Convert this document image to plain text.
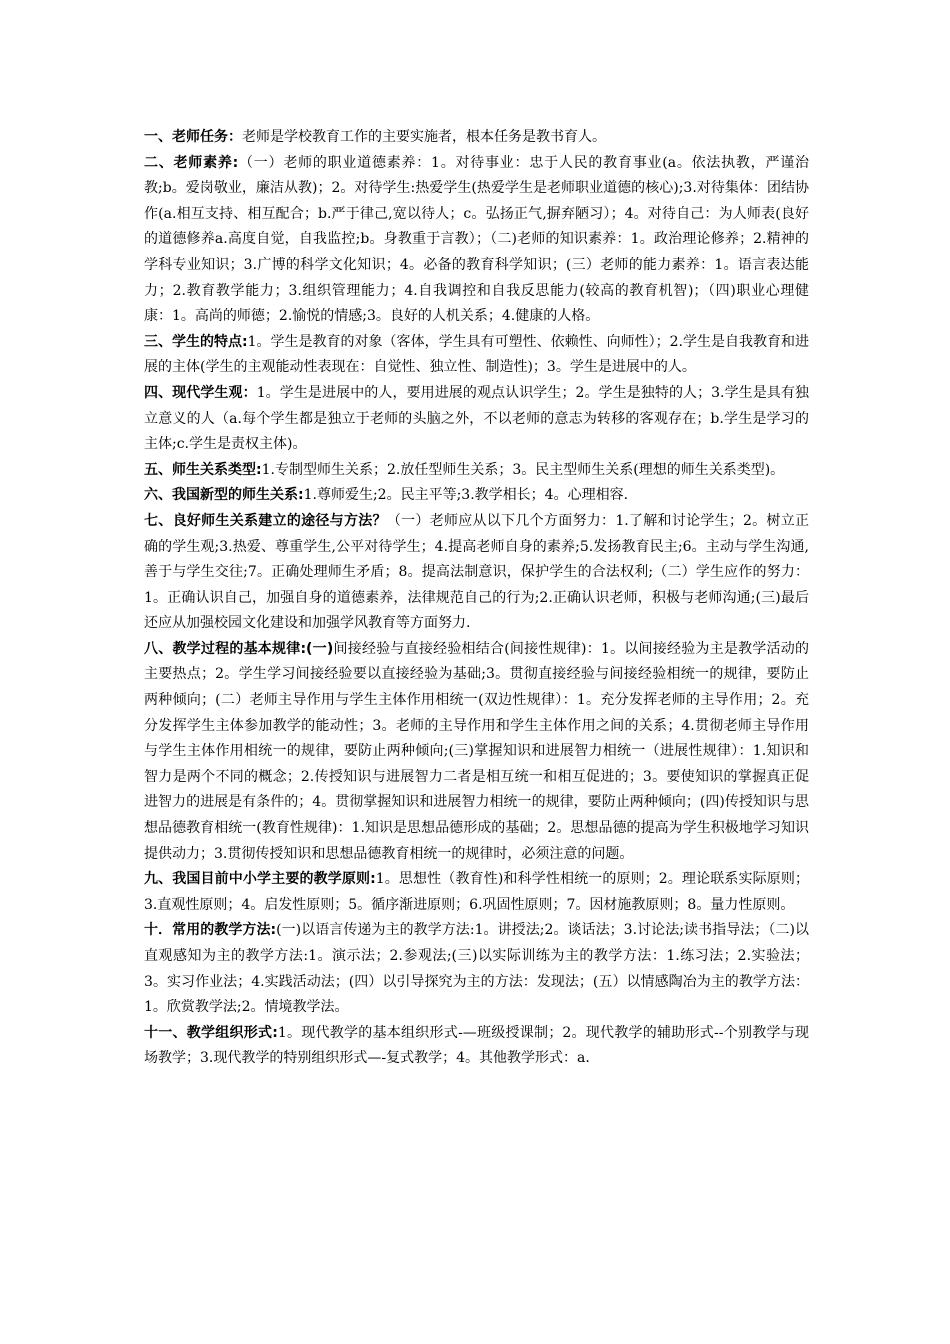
一、老师任务：老师是学校教育工作的主要实施者，根本任务是教书育人。

二、老师素养:（一）老师的职业道德素养：1。对待事业：忠于人民的教育事业(a。依法执教，严谨治教;b。爱岗敬业，廉洁从教)；2。对待学生:热爱学生(热爱学生是老师职业道德的核心);3.对待集体：团结协作(a.相互支持、相互配合；b.严于律己,宽以待人；c。弘扬正气,摒弃陋习）；4。对待自己：为人师表(良好的道德修养a.高度自觉，自我监控;b。身教重于言教）；（二)老师的知识素养：1。政治理论修养；2.精神的学科专业知识；3.广博的科学文化知识；4。必备的教育科学知识；(三）老师的能力素养：1。语言表达能力；2.教育教学能力；3.组织管理能力；4.自我调控和自我反思能力(较高的教育机智)；（四)职业心理健康：1。高尚的师德；2.愉悦的情感;3。良好的人机关系；4.健康的人格。

三、学生的特点:1。学生是教育的对象（客体，学生具有可塑性、依赖性、向师性）；2.学生是自我教育和进展的主体(学生的主观能动性表现在：自觉性、独立性、制造性)；3。学生是进展中的人。

四、现代学生观：1。学生是进展中的人，要用进展的观点认识学生；2。学生是独特的人；3.学生是具有独立意义的人（a.每个学生都是独立于老师的头脑之外，不以老师的意志为转移的客观存在；b.学生是学习的主体;c.学生是责权主体)。

五、师生关系类型:1.专制型师生关系；2.放任型师生关系；3。民主型师生关系(理想的师生关系类型)。

六、我国新型的师生关系:1.尊师爱生;2。民主平等;3.教学相长；4。心理相容.

七、良好师生关系建立的途径与方法？（一）老师应从以下几个方面努力：1.了解和讨论学生；2。树立正确的学生观;3.热爱、尊重学生,公平对待学生；4.提高老师自身的素养;5.发扬教育民主;6。主动与学生沟通,善于与学生交往;7。正确处理师生矛盾；8。提高法制意识，保护学生的合法权利;（二）学生应作的努力：1。正确认识自己，加强自身的道德素养，法律规范自己的行为;2.正确认识老师，积极与老师沟通;(三)最后还应从加强校园文化建设和加强学风教育等方面努力.

八、教学过程的基本规律:(一)间接经验与直接经验相结合(间接性规律)：1。以间接经验为主是教学活动的主要热点；2。学生学习间接经验要以直接经验为基础;3。贯彻直接经验与间接经验相统一的规律，要防止两种倾向；(二）老师主导作用与学生主体作用相统一(双边性规律）：1。充分发挥老师的主导作用；2。充分发挥学生主体参加教学的能动性；3。老师的主导作用和学生主体作用之间的关系；4.贯彻老师主导作用与学生主体作用相统一的规律，要防止两种倾向;(三)掌握知识和进展智力相统一（进展性规律）：1.知识和智力是两个不同的概念；2.传授知识与进展智力二者是相互统一和相互促进的；3。要使知识的掌握真正促进智力的进展是有条件的；4。贯彻掌握知识和进展智力相统一的规律，要防止两种倾向；(四)传授知识与思想品德教育相统一(教育性规律)：1.知识是思想品德形成的基础；2。思想品德的提高为学生积极地学习知识提供动力；3.贯彻传授知识和思想品德教育相统一的规律时，必须注意的问题。

九、我国目前中小学主要的教学原则:1。思想性（教育性)和科学性相统一的原则；2。理论联系实际原则；3.直观性原则；4。启发性原则；5。循序渐进原则；6.巩固性原则；7。因材施教原则；8。量力性原则。

十．常用的教学方法:(一)以语言传递为主的教学方法:1。讲授法;2。谈话法；3.讨论法;读书指导法；（二)以直观感知为主的教学方法:1。演示法；2.参观法;(三)以实际训练为主的教学方法：1.练习法；2.实验法；3。实习作业法；4.实践活动法；(四）以引导探究为主的方法：发现法；(五）以情感陶冶为主的教学方法：1。欣赏教学法;2。情境教学法。

十一、教学组织形式:1。现代教学的基本组织形式-—班级授课制；2。现代教学的辅助形式--个别教学与现场教学；3.现代教学的特别组织形式—-复式教学；4。其他教学形式：a.
